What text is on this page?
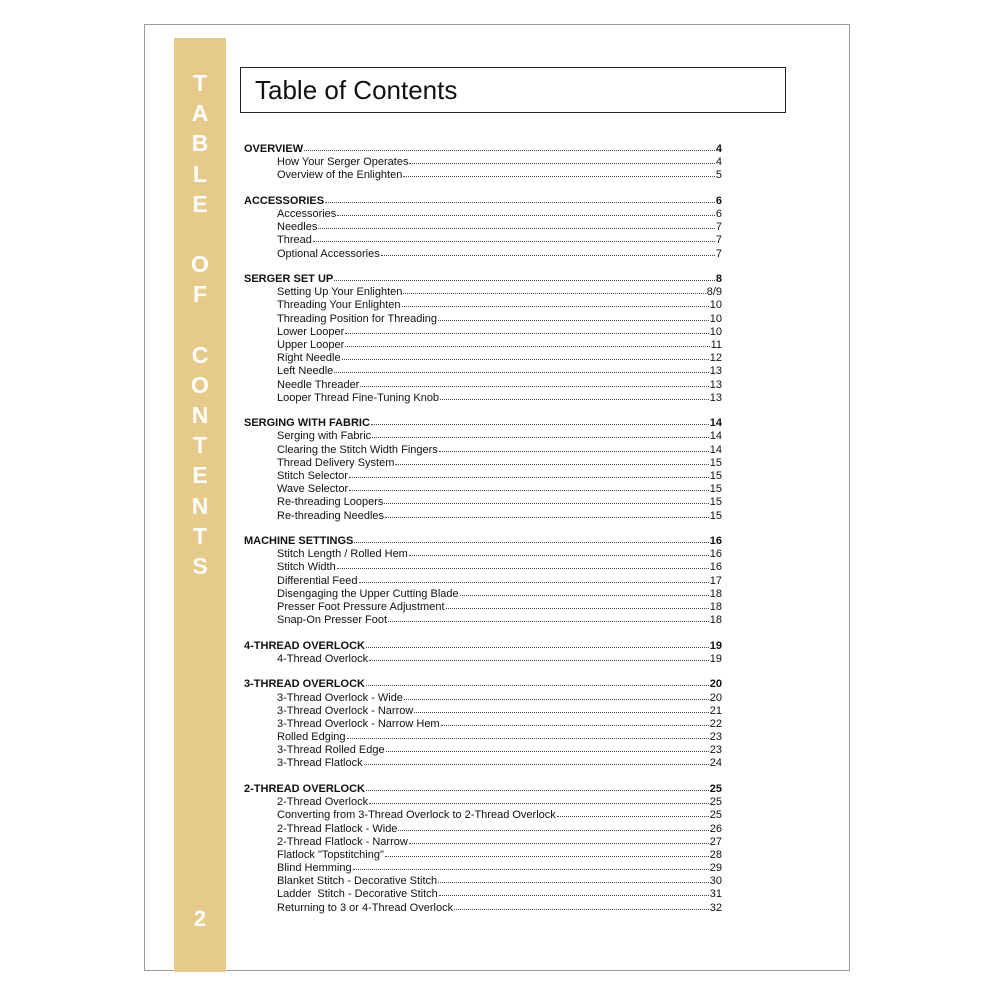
T
A
B
L
E
O
F
C
O
N
T
E
N
T
S
2
Table of Contents
OVERVIEW	4
How Your Serger Operates	4
Overview of the Enlighten	5
ACCESSORIES	6
Accessories	6
Needles	7
Thread	7
Optional Accessories	7
SERGER SET UP	8
Setting Up Your Enlighten	8/9
Threading Your Enlighten	10
Threading Position for Threading	10
Lower Looper	10
Upper Looper	11
Right Needle	12
Left Needle	13
Needle Threader	13
Looper Thread Fine-Tuning Knob	13
SERGING WITH FABRIC	14
Serging with Fabric	14
Clearing the Stitch Width Fingers	14
Thread Delivery System	15
Stitch Selector	15
Wave Selector	15
Re-threading Loopers	15
Re-threading Needles	15
MACHINE SETTINGS	16
Stitch Length / Rolled Hem	16
Stitch Width	16
Differential Feed	17
Disengaging the Upper Cutting Blade	18
Presser Foot Pressure Adjustment	18
Snap-On Presser Foot	18
4-THREAD OVERLOCK	19
4-Thread Overlock	19
3-THREAD OVERLOCK	20
3-Thread Overlock - Wide	20
3-Thread Overlock - Narrow	21
3-Thread Overlock - Narrow Hem	22
Rolled Edging	23
3-Thread Rolled Edge	23
3-Thread Flatlock	24
2-THREAD OVERLOCK	25
2-Thread Overlock	25
Converting from 3-Thread Overlock to 2-Thread Overlock	25
2-Thread Flatlock - Wide	26
2-Thread Flatlock - Narrow	27
Flatlock "Topstitching"	28
Blind Hemming	29
Blanket Stitch - Decorative Stitch	30
Ladder  Stitch - Decorative Stitch	31
Returning to 3 or 4-Thread Overlock	32
